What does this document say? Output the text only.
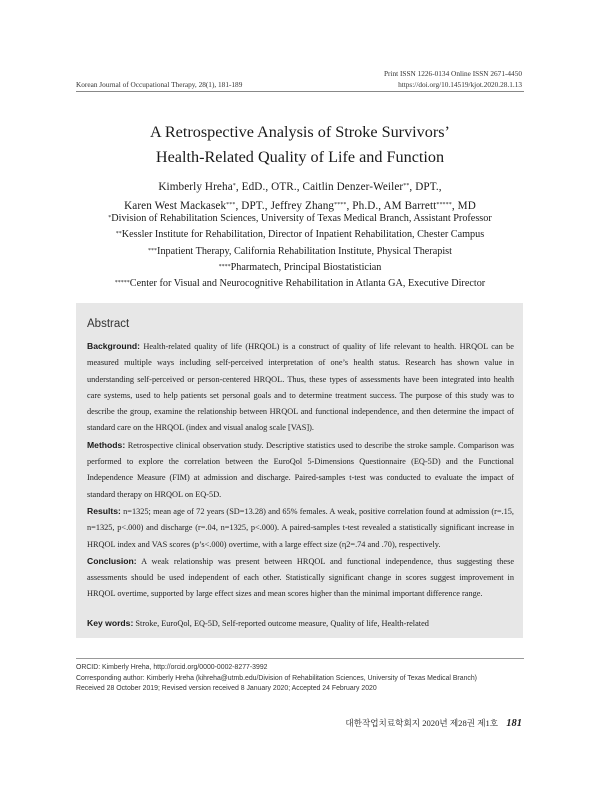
Print ISSN 1226-0134 Online ISSN 2671-4450
Korean Journal of Occupational Therapy, 28(1), 181-189	https://doi.org/10.14519/kjot.2020.28.1.13
A Retrospective Analysis of Stroke Survivors’
Health-Related Quality of Life and Function
Kimberly Hreha*, EdD., OTR., Caitlin Denzer-Weiler**, DPT.,
Karen West Mackasek***, DPT., Jeffrey Zhang****, Ph.D., AM Barrett*****, MD
*Division of Rehabilitation Sciences, University of Texas Medical Branch, Assistant Professor
**Kessler Institute for Rehabilitation, Director of Inpatient Rehabilitation, Chester Campus
***Inpatient Therapy, California Rehabilitation Institute, Physical Therapist
****Pharmatech, Principal Biostatistician
*****Center for Visual and Neurocognitive Rehabilitation in Atlanta GA, Executive Director
Abstract
Background: Health-related quality of life (HRQOL) is a construct of quality of life relevant to health. HRQOL can be measured multiple ways including self-perceived interpretation of one’s health status. Research has shown value in understanding self-perceived or person-centered HRQOL. Thus, these types of assessments have been integrated into health care systems, used to help patients set personal goals and to determine treatment success. The purpose of this study was to describe the group, examine the relationship between HRQOL and functional independence, and then determine the impact of standard care on the HRQOL (index and visual analog scale [VAS]).
Methods: Retrospective clinical observation study. Descriptive statistics used to describe the stroke sample. Comparison was performed to explore the correlation between the EuroQol 5-Dimensions Questionnaire (EQ-5D) and the Functional Independence Measure (FIM) at admission and discharge. Paired-samples t-test was conducted to evaluate the impact of standard therapy on HRQOL on EQ-5D.
Results: n=1325; mean age of 72 years (SD=13.28) and 65% females. A weak, positive correlation found at admission (r=.15, n=1325, p<.000) and discharge (r=.04, n=1325, p<.000). A paired-samples t-test revealed a statistically significant increase in HRQOL index and VAS scores (p’s<.000) overtime, with a large effect size (η2=.74 and .70), respectively.
Conclusion: A weak relationship was present between HRQOL and functional independence, thus suggesting these assessments should be used independent of each other. Statistically significant change in scores suggest improvement in HRQOL overtime, supported by large effect sizes and mean scores higher than the minimal important difference range.
Key words: Stroke, EuroQol, EQ-5D, Self-reported outcome measure, Quality of life, Health-related
ORCID: Kimberly Hreha, http://orcid.org/0000-0002-8277-3992
Corresponding author: Kimberly Hreha (kihreha@utmb.edu/Division of Rehabilitation Sciences, University of Texas Medical Branch)
Received 28 October 2019; Revised version received 8 January 2020; Accepted 24 February 2020
대한작업치료학회지 2020년 제28권 제1호 181
